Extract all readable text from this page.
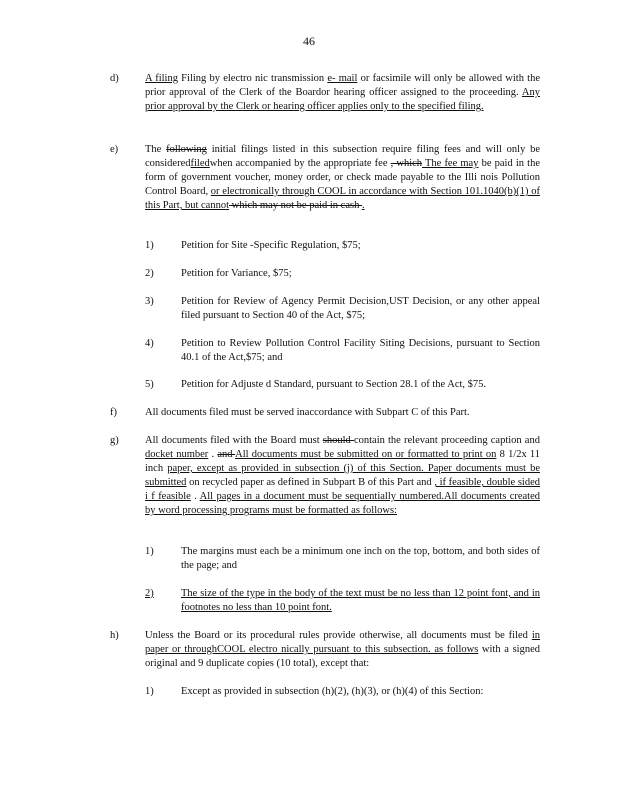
46
d)	A filing Filing by electro nic transmission e- mail or facsimile will only be allowed with the prior approval of the Clerk of the Boardor hearing officer assigned to the proceeding. Any prior approval by the Clerk or hearing officer applies only to the specified filing.
e)	The following initial filings listed in this subsection require filing fees and will only be consideredfiledwhen accompanied by the appropriate fee , which The fee may be paid in the form of government voucher, money order, or check made payable to the Illi nois Pollution Control Board, or electronically through COOL in accordance with Section 101.1040(b)(1) of this Part, but cannot which may not be paid in cash .
1)	Petition for Site -Specific Regulation, $75;
2)	Petition for Variance, $75;
3)	Petition for Review of Agency Permit Decision,UST Decision, or any other appeal filed pursuant to Section 40 of the Act, $75;
4)	Petition to Review Pollution Control Facility Siting Decisions, pursuant to Section 40.1 of the Act,$75; and
5)	Petition for Adjuste d Standard, pursuant to Section 28.1 of the Act, $75.
f)	All documents filed must be served inaccordance with Subpart C of this Part.
g)	All documents filed with the Board must should contain the relevant proceeding caption and docket number . and All documents must be submitted on or formatted to print on 8 1/2x 11 inch paper, except as provided in subsection (j) of this Section. Paper documents must be submitted on recycled paper as defined in Subpart B of this Part and , if feasible, double sided i f feasible . All pages in a document must be sequentially numbered.All documents created by word processing programs must be formatted as follows:
1)	The margins must each be a minimum one inch on the top, bottom, and both sides of the page; and
2)	The size of the type in the body of the text must be no less than 12 point font, and in footnotes no less than 10 point font.
h)	Unless the Board or its procedural rules provide otherwise, all documents must be filed in paper or throughCOOL electro nically pursuant to this subsection. as follows with a signed original and 9 duplicate copies (10 total), except that:
1)	Except as provided in subsection (h)(2), (h)(3), or (h)(4) of this Section:
